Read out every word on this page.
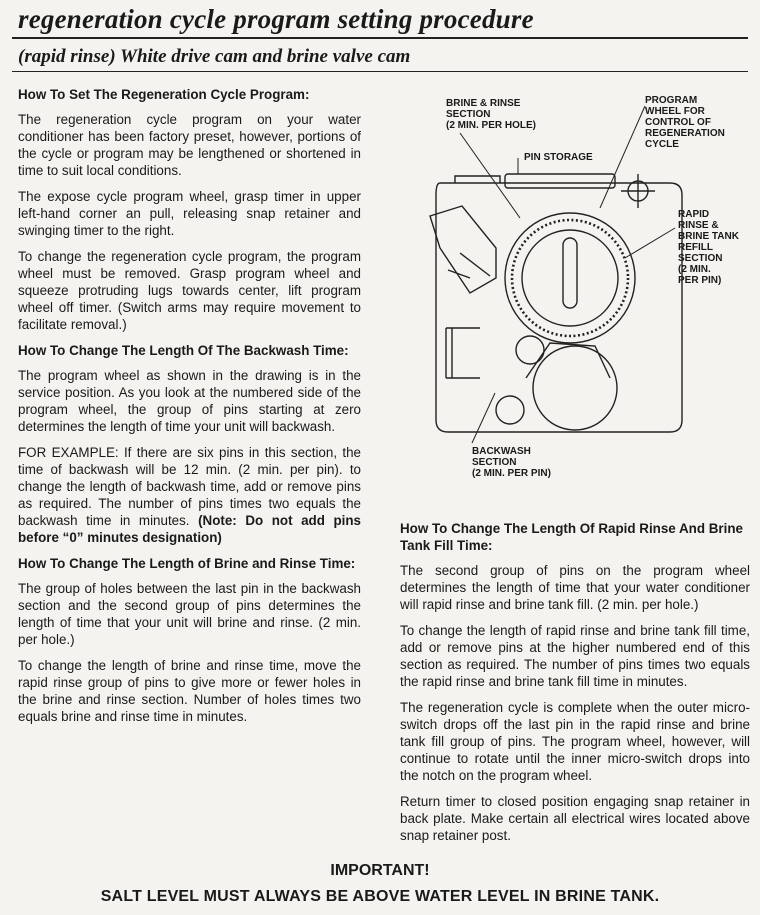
regeneration cycle program setting procedure
(rapid rinse) White drive cam and brine valve cam
How To Set The Regeneration Cycle Program:

The regeneration cycle program on your water conditioner has been factory preset, however, portions of the cycle or program may be lengthened or shortened in time to suit local conditions.

The expose cycle program wheel, grasp timer in upper left-hand corner an pull, releasing snap retainer and swinging timer to the right.

To change the regeneration cycle program, the program wheel must be removed. Grasp program wheel and squeeze protruding lugs towards center, lift program wheel off timer. (Switch arms may require movement to facilitate removal.)

How To Change The Length Of The Backwash Time:

The program wheel as shown in the drawing is in the service position. As you look at the numbered side of the program wheel, the group of pins starting at zero determines the length of time your unit will backwash.

FOR EXAMPLE: If there are six pins in this section, the time of backwash will be 12 min. (2 min. per pin). to change the length of backwash time, add or remove pins as required. The number of pins times two equals the backwash time in minutes. (Note: Do not add pins before “0” minutes designation)

How To Change The Length of Brine and Rinse Time:

The group of holes between the last pin in the backwash section and the second group of pins determines the length of time that your unit will brine and rinse. (2 min. per hole.)

To change the length of brine and rinse time, move the rapid rinse group of pins to give more or fewer holes in the brine and rinse section. Number of holes times two equals brine and rinse time in minutes.

BRINE & RINSE
SECTION
(2 MIN. PER HOLE)
PROGRAM
WHEEL FOR
CONTROL OF
REGENERATION
CYCLE
PIN STORAGE
RAPID
RINSE &
BRINE TANK
REFILL
SECTION
(2 MIN.
PER PIN)
BACKWASH
SECTION
(2 MIN. PER PIN)
How To Change The Length Of Rapid Rinse And Brine Tank Fill Time:

The second group of pins on the program wheel determines the length of time that your water conditioner will rapid rinse and brine tank fill. (2 min. per hole.)

To change the length of rapid rinse and brine tank fill time, add or remove pins at the higher numbered end of this section as required. The number of pins times two equals the rapid rinse and brine tank fill time in minutes.

The regeneration cycle is complete when the outer micro-switch drops off the last pin in the rapid rinse and brine tank fill group of pins. The program wheel, however, will continue to rotate until the inner micro-switch drops into the notch on the program wheel.

Return timer to closed position engaging snap retainer in back plate. Make certain all electrical wires located above snap retainer post.

IMPORTANT!
SALT LEVEL MUST ALWAYS BE ABOVE WATER LEVEL IN BRINE TANK.
